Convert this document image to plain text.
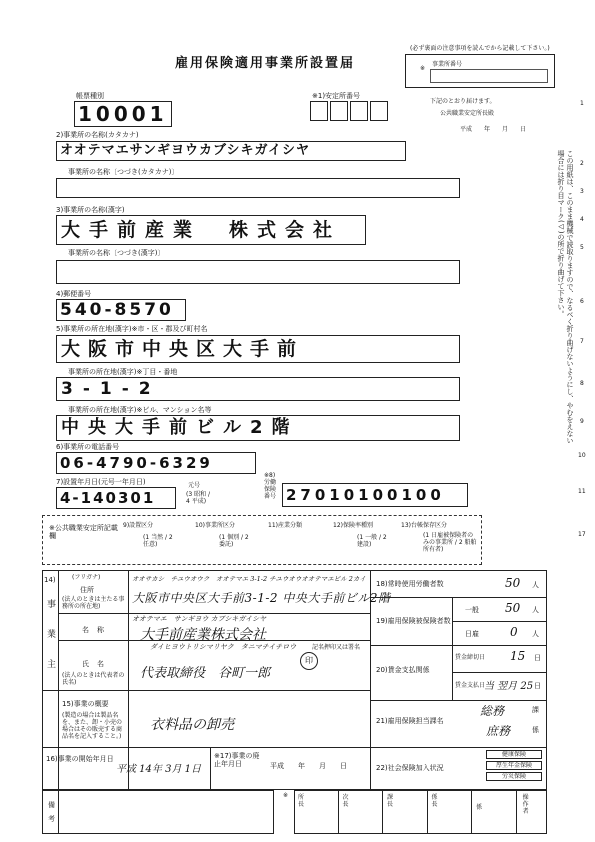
雇用保険適用事業所設置届
(必ず裏面の注意事項を読んでから記載して下さい。)
※
事業所番号
下記のとおり届けます。
公共職業安定所長殿
平成　　年　　月　　日
帳票種別
10001
※1)安定所番号
2)事業所の名称(カタカナ)
オオテマエサンギヨウカブシキガイシヤ
事業所の名称〔つづき(カタカナ)〕
3)事業所の名称(漢字)
大手前産業　株式会社
事業所の名称〔つづき(漢字)〕
4)郵便番号
540-8570
5)事業所の所在地(漢字)※市・区・郡及び町村名
大阪市中央区大手前
事業所の所在地(漢字)※丁目・番地
3-1-2
事業所の所在地(漢字)※ビル、マンション名等
中央大手前ビル2階
6)事業所の電話番号
06-4790-6329
7)設置年月日(元号一年月日)
4-140301
元号
(3 昭和 / 4 平成)
※8)労働保険番号 27010100100
※公共職業安定所記載欄
9)設置区分
(1 当然 / 2 任意)
10)事業所区分
(1 個別 / 2 委託)
11)産業分類	12)保険率種別
(1 一般 / 2 建設)
13)台帳保存区分
(1 日雇被保険者のみの事業所 / 2 船舶所有者)
14)
事業主
(フリガナ)
住所
(法人のときは主たる事務所の所在地)
オオサカシ　チユウオウク　オオテマエ 3-1-2 チユウオウオオテマエビル 2カイ
大阪市中央区大手前3-1-2 中央大手前ビル2階
オオテマエ　サンギヨウ カブシキガイシヤ
名称 大手前産業株式会社
ダイヒヨウトリシマリヤク　タニマチイチロウ
氏名
(法人のときは代表者の氏名)
代表取締役　谷町一郎
記名押印又は署名
印
15)事業の概要
(製造の場合は製品名を、また、卸・小売の場合はその販売する商品名を記入すること。)
衣料品の卸売
16)事業の開始年月日
平成 14年 3月 1日
※17)事業の廃止年月日	平成　　年　　月　　日
18)常時使用労働者数	50 人
19)雇用保険被保険者数
一般 50 人
日雇	0 人
20)賃金支払関係
賃金締切日 15 日
賃金支払日
当 翌月 25 日
21)雇用保険担当課名
総務	課
庶務	係
22)社会保険加入状況
健康保険
厚生年金保険
労災保険
備考
※ 所長
次長
課長
係長	係
操作者
この用紙は、このまま機械で読取りますので、なるべく折り曲げないようにし、やむをえない場合には折り目マーク(◁)の所で折り曲げて下さい。
1
2
3
4
5
6
7
8
9
10
11
17
